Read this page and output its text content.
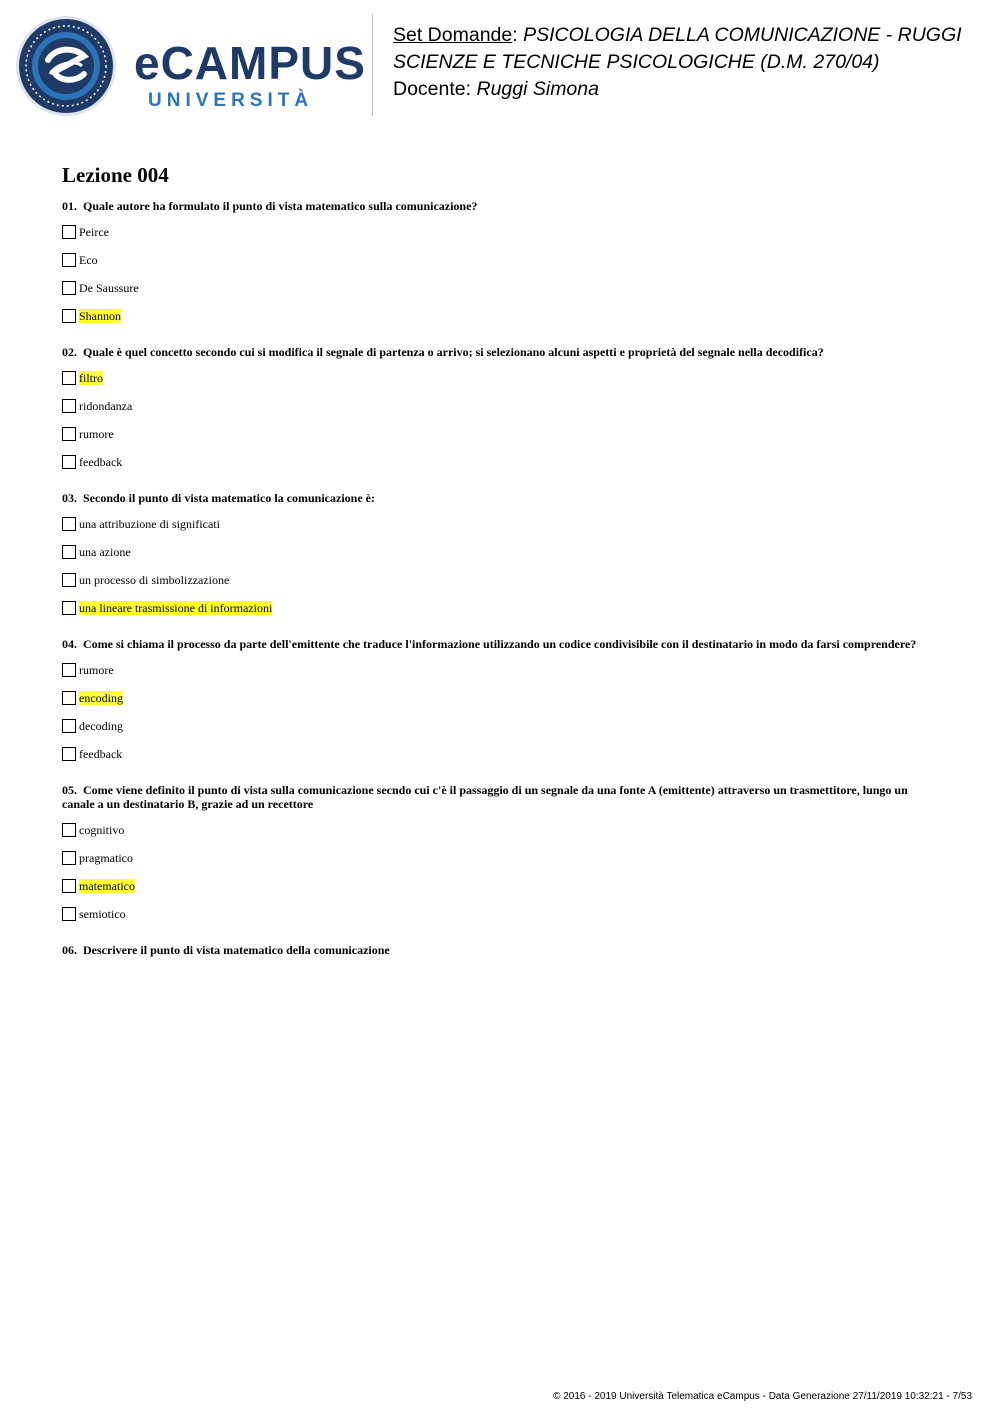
eCAMPUS
UNIVERSITÀ
Set Domande: PSICOLOGIA DELLA COMUNICAZIONE - RUGGI
SCIENZE E TECNICHE PSICOLOGICHE (D.M. 270/04)
Docente: Ruggi Simona
Lezione 004
01. Quale autore ha formulato il punto di vista matematico sulla comunicazione?
Peirce
Eco
De Saussure
Shannon
02. Quale è quel concetto secondo cui si modifica il segnale di partenza o arrivo; si selezionano alcuni aspetti e proprietà del segnale nella decodifica?
filtro
ridondanza
rumore
feedback
03. Secondo il punto di vista matematico la comunicazione è:
una attribuzione di significati
una azione
un processo di simbolizzazione
una lineare trasmissione di informazioni
04. Come si chiama il processo da parte dell'emittente che traduce l'informazione utilizzando un codice condivisibile con il destinatario in modo da farsi comprendere?
rumore
encoding
decoding
feedback
05. Come viene definito il punto di vista sulla comunicazione secndo cui c'è il passaggio di un segnale da una fonte A (emittente) attraverso un trasmettitore, lungo un canale a un destinatario B, grazie ad un recettore
cognitivo
pragmatico
matematico
semiotico
06. Descrivere il punto di vista matematico della comunicazione
© 2016 - 2019 Università Telematica eCampus - Data Generazione 27/11/2019 10:32:21 - 7/53
